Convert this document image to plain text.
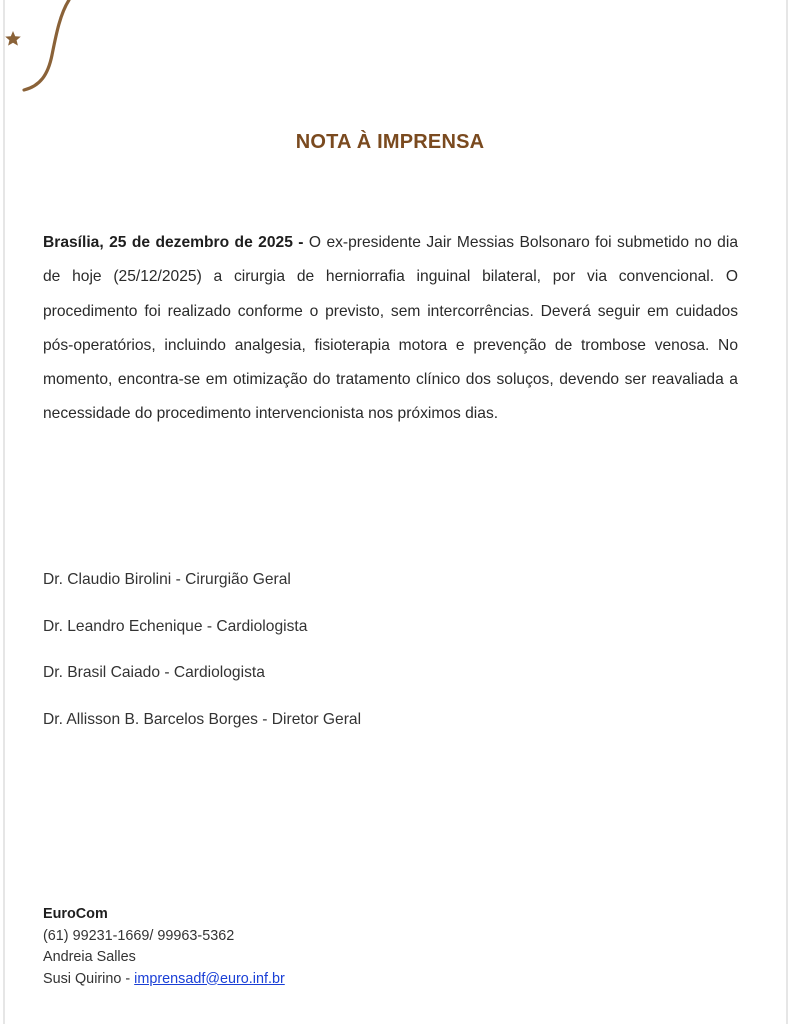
NOTA À IMPRENSA
Brasília, 25 de dezembro de 2025 - O ex-presidente Jair Messias Bolsonaro foi submetido no dia de hoje (25/12/2025) a cirurgia de herniorrafia inguinal bilateral, por via convencional. O procedimento foi realizado conforme o previsto, sem intercorrências. Deverá seguir em cuidados pós-operatórios, incluindo analgesia, fisioterapia motora e prevenção de trombose venosa. No momento, encontra-se em otimização do tratamento clínico dos soluços, devendo ser reavaliada a necessidade do procedimento intervencionista nos próximos dias.
Dr. Claudio Birolini - Cirurgião Geral
Dr. Leandro Echenique - Cardiologista
Dr. Brasil Caiado - Cardiologista
Dr. Allisson B. Barcelos Borges - Diretor Geral
EuroCom
(61) 99231-1669/ 99963-5362
Andreia Salles
Susi Quirino - imprensadf@euro.inf.br
